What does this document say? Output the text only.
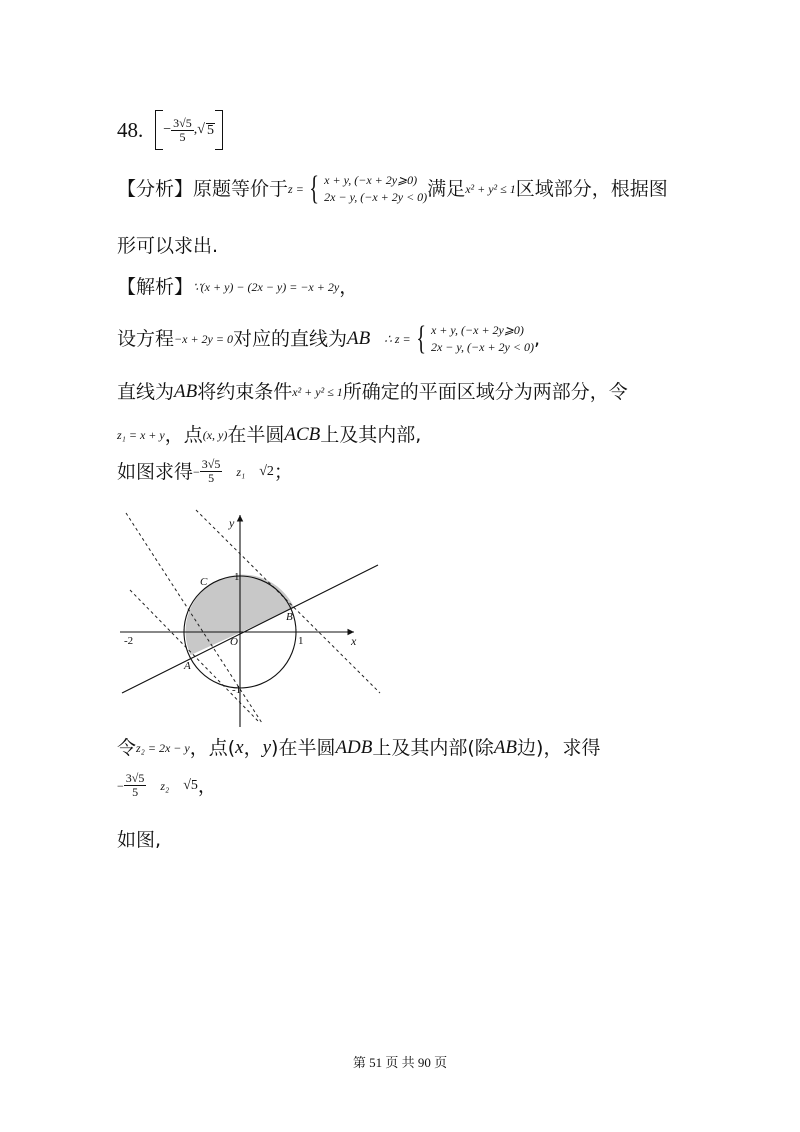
48. − $\frac{3√5}{5}$ ,√ 5
【分析】 原题等价于 z = { x + y, (−x + 2y⩾0)
2x − y, (−x + 2y < 0) 满足 x² + y² ≤ 1 区域部分，根据图
形可以求出.
【解析】 ∵(x + y) − (2x − y) = −x + 2y ，
设方程 −x + 2y = 0 对应的直线为 AB ∴ z = { x + y, (−x + 2y⩾0)
2x − y, (−x + 2y < 0) ,
直线为 AB 将约束条件 x² + y² ≤ 1 所确定的平面区域分为两部分，令
z₁ = x + y ，点 (x, y) 在半圆 ACB 上及其内部,
如图求得 − $\frac{3√5}{5} z_1$ √2 ；
x
y
O
-2	1
1
-1
A
B
C
令 z₂ = 2x − y ，点( x ， y )在半圆 ADB 上及其内部(除 AB 边)，求得
− $\frac{3√5}{5} z_2$ √5 ，
如图,
第 51 页 共 90 页
